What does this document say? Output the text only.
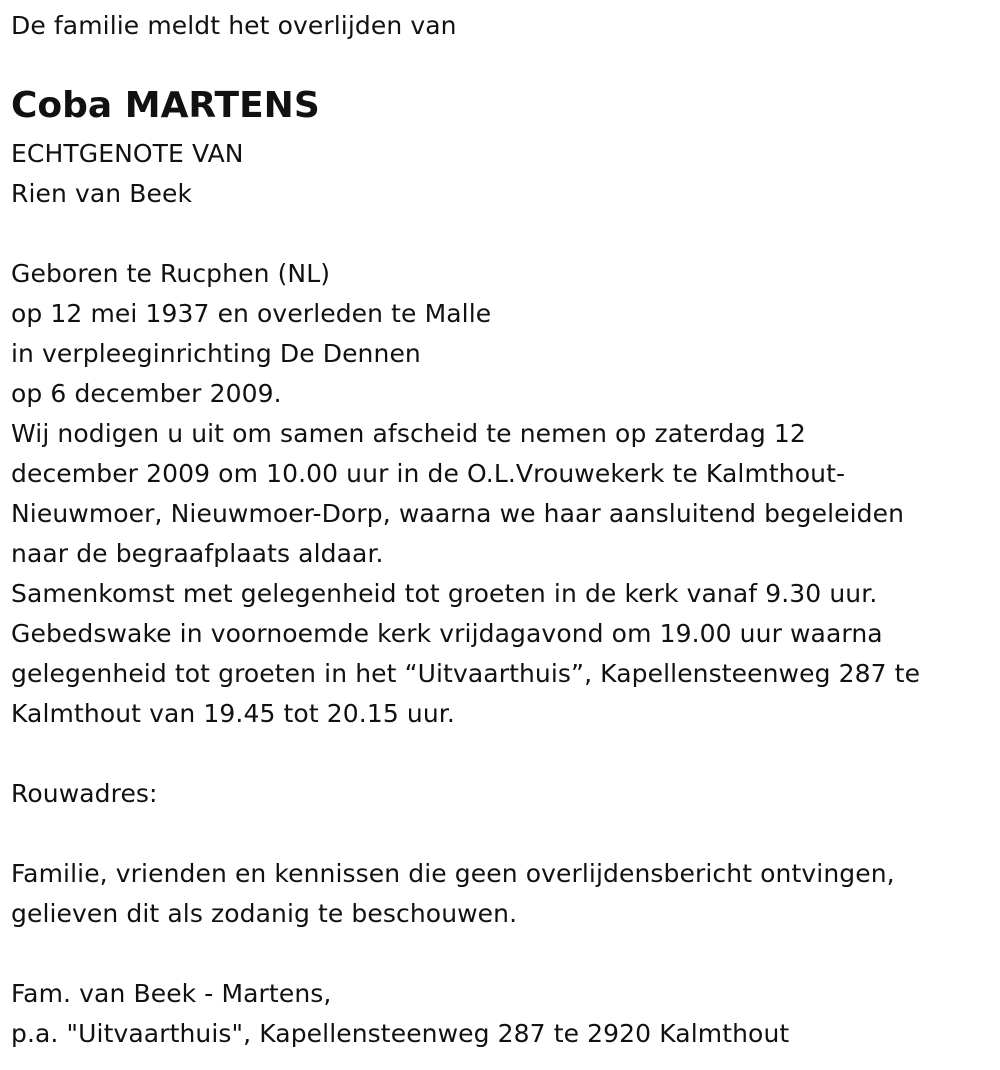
De familie meldt het overlijden van
Coba MARTENS
ECHTGENOTE VAN
Rien van Beek
Geboren te Rucphen (NL)
op 12 mei 1937 en overleden te Malle
in verpleeginrichting De Dennen
op 6 december 2009.
Wij nodigen u uit om samen afscheid te nemen op zaterdag 12
december 2009 om 10.00 uur in de O.L.Vrouwekerk te Kalmthout-
Nieuwmoer, Nieuwmoer-Dorp, waarna we haar aansluitend begeleiden
naar de begraafplaats aldaar.
Samenkomst met gelegenheid tot groeten in de kerk vanaf 9.30 uur.
Gebedswake in voornoemde kerk vrijdagavond om 19.00 uur waarna
gelegenheid tot groeten in het “Uitvaarthuis”, Kapellensteenweg 287 te
Kalmthout van 19.45 tot 20.15 uur.
Rouwadres:
Familie, vrienden en kennissen die geen overlijdensbericht ontvingen,
gelieven dit als zodanig te beschouwen.
Fam. van Beek - Martens,
p.a. "Uitvaarthuis", Kapellensteenweg 287 te 2920 Kalmthout
